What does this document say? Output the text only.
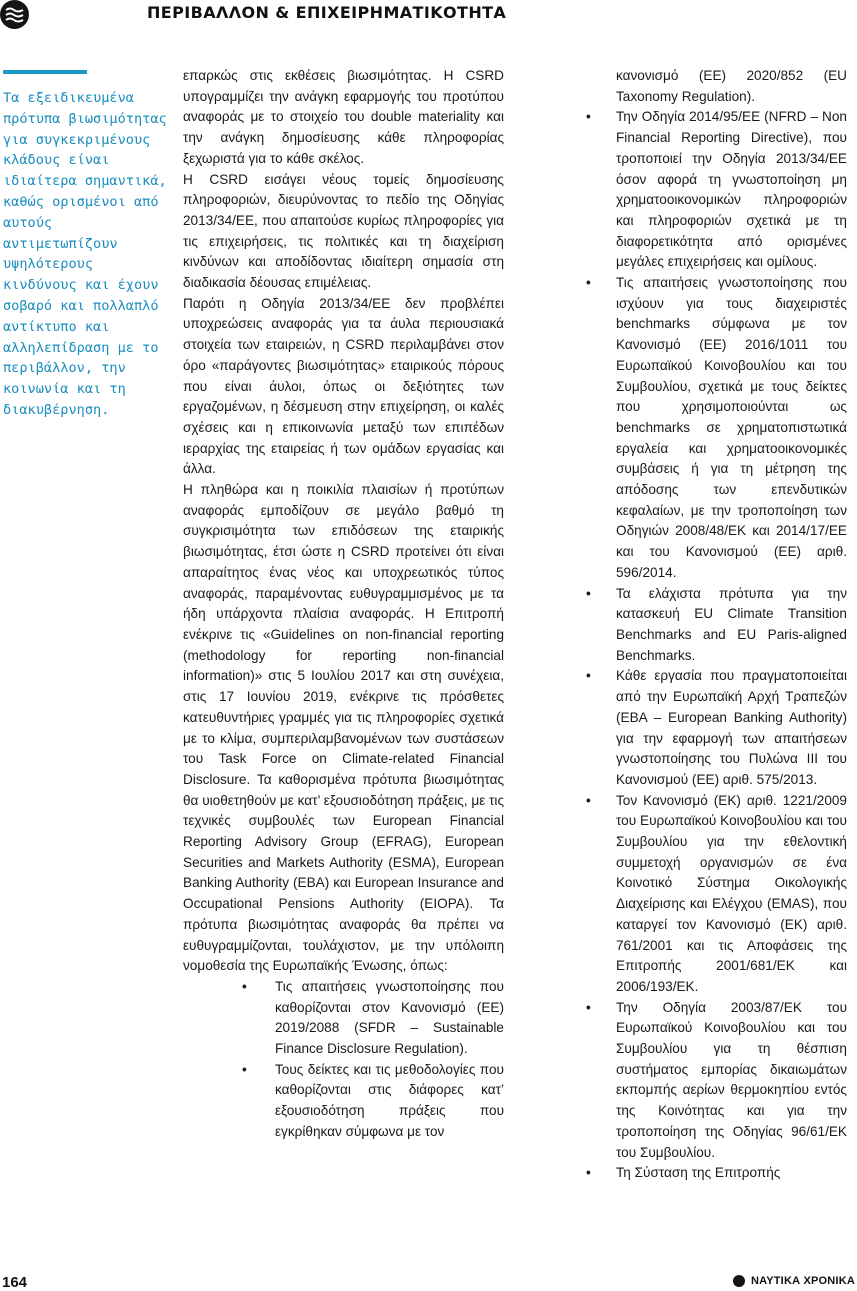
ΠΕΡΙΒΑΛΛΟΝ & ΕΠΙΧΕΙΡΗΜΑΤΙΚΟΤΗΤΑ
Τα εξειδικευμένα πρότυπα βιωσιμότητας για συγκεκριμένους κλάδους είναι ιδιαίτερα σημαντικά, καθώς ορισμένοι από αυτούς αντιμετωπίζουν υψηλότερους κινδύνους και έχουν σοβαρό και πολλαπλό αντίκτυπο και αλληλεπίδραση με το περιβάλλον, την κοινωνία και τη διακυβέρνηση.

επαρκώς στις εκθέσεις βιωσιμότητας. Η CSRD υπογραμμίζει την ανάγκη εφαρμογής του προτύπου αναφοράς με το στοιχείο του double materiality και την ανάγκη δημοσίευσης κάθε πληροφορίας ξεχωριστά για το κάθε σκέλος.

Η CSRD εισάγει νέους τομείς δημοσίευσης πληροφοριών, διευρύνοντας το πεδίο της Οδηγίας 2013/34/ΕΕ, που απαιτούσε κυρίως πληροφορίες για τις επιχειρήσεις, τις πολιτικές και τη διαχείριση κινδύνων και αποδίδοντας ιδιαίτερη σημασία στη διαδικασία δέουσας επιμέλειας.

Παρότι η Οδηγία 2013/34/ΕΕ δεν προβλέπει υποχρεώσεις αναφοράς για τα άυλα περιουσιακά στοιχεία των εταιρειών, η CSRD περιλαμβάνει στον όρο «παράγοντες βιωσιμότητας» εταιρικούς πόρους που είναι άυλοι, όπως οι δεξιότητες των εργαζομένων, η δέσμευση στην επιχείρηση, οι καλές σχέσεις και η επικοινωνία μεταξύ των επιπέδων ιεραρχίας της εταιρείας ή των ομάδων εργασίας και άλλα.

Η πληθώρα και η ποικιλία πλαισίων ή προτύπων αναφοράς εμποδίζουν σε μεγάλο βαθμό τη συγκρισιμότητα των επιδόσεων της εταιρικής βιωσιμότητας, έτσι ώστε η CSRD προτείνει ότι είναι απαραίτητος ένας νέος και υποχρεωτικός τύπος αναφοράς, παραμένοντας ευθυγραμμισμένος με τα ήδη υπάρχοντα πλαίσια αναφοράς. Η Επιτροπή ενέκρινε τις «Guidelines on non-financial reporting (methodology for reporting non-financial information)» στις 5 Ιουλίου 2017 και στη συνέχεια, στις 17 Ιουνίου 2019, ενέκρινε τις πρόσθετες κατευθυντήριες γραμμές για τις πληροφορίες σχετικά με το κλίμα, συμπεριλαμβανομένων των συστάσεων του Task Force on Climate-related Financial Disclosure. Τα καθορισμένα πρότυπα βιωσιμότητας θα υιοθετηθούν με κατ’ εξουσιοδότηση πράξεις, με τις τεχνικές συμβουλές των European Financial Reporting Advisory Group (EFRAG), European Securities and Markets Authority (ESMA), European Banking Authority (EBA) και European Insurance and Occupational Pensions Authority (EIOPA). Τα πρότυπα βιωσιμότητας αναφοράς θα πρέπει να ευθυγραμμίζονται, τουλάχιστον, με την υπόλοιπη νομοθεσία της Ευρωπαϊκής Ένωσης, όπως:

• Τις απαιτήσεις γνωστοποίησης που καθορίζονται στον Κανονισμό (ΕΕ) 2019/2088 (SFDR – Sustainable Finance Disclosure Regulation).
• Τους δείκτες και τις μεθοδολογίες που καθορίζονται στις διάφορες κατ’ εξουσιοδότηση πράξεις που εγκρίθηκαν σύμφωνα με τον

κανονισμό (ΕΕ) 2020/852 (EU Taxonomy Regulation).

• Την Οδηγία 2014/95/ΕΕ (NFRD – Non Financial Reporting Directive), που τροποποιεί την Οδηγία 2013/34/ΕΕ όσον αφορά τη γνωστοποίηση μη χρηματοοικονομικών πληροφοριών και πληροφοριών σχετικά με τη διαφορετικότητα από ορισμένες μεγάλες επιχειρήσεις και ομίλους.
• Τις απαιτήσεις γνωστοποίησης που ισχύουν για τους διαχειριστές benchmarks σύμφωνα με τον Κανονισμό (ΕΕ) 2016/1011 του Ευρωπαϊκού Κοινοβουλίου και του Συμβουλίου, σχετικά με τους δείκτες που χρησιμοποιούνται ως benchmarks σε χρηματοπιστωτικά εργαλεία και χρηματοοικονομικές συμβάσεις ή για τη μέτρηση της απόδοσης των επενδυτικών κεφαλαίων, με την τροποποίηση των Οδηγιών 2008/48/ΕΚ και 2014/17/ΕΕ και του Κανονισμού (ΕΕ) αριθ. 596/2014.
• Τα ελάχιστα πρότυπα για την κατασκευή EU Climate Transition Benchmarks and EU Paris-aligned Benchmarks.
• Κάθε εργασία που πραγματοποιείται από την Ευρωπαϊκή Αρχή Τραπεζών (EBA – European Banking Authority) για την εφαρμογή των απαιτήσεων γνωστοποίησης του Πυλώνα ΙΙΙ του Κανονισμού (ΕΕ) αριθ. 575/2013.
• Τον Κανονισμό (ΕΚ) αριθ. 1221/2009 του Ευρωπαϊκού Κοινοβουλίου και του Συμβουλίου για την εθελοντική συμμετοχή οργανισμών σε ένα Κοινοτικό Σύστημα Οικολογικής Διαχείρισης και Ελέγχου (EMAS), που καταργεί τον Κανονισμό (ΕΚ) αριθ. 761/2001 και τις Αποφάσεις της Επιτροπής 2001/681/ΕΚ και 2006/193/ΕΚ.
• Την Οδηγία 2003/87/ΕΚ του Ευρωπαϊκού Κοινοβουλίου και του Συμβουλίου για τη θέσπιση συστήματος εμπορίας δικαιωμάτων εκπομπής αερίων θερμοκηπίου εντός της Κοινότητας και για την τροποποίηση της Οδηγίας 96/61/ΕΚ του Συμβουλίου.
• Τη Σύσταση της Επιτροπής
164	ΝΑΥΤΙΚΑ ΧΡΟΝΙΚΑ
